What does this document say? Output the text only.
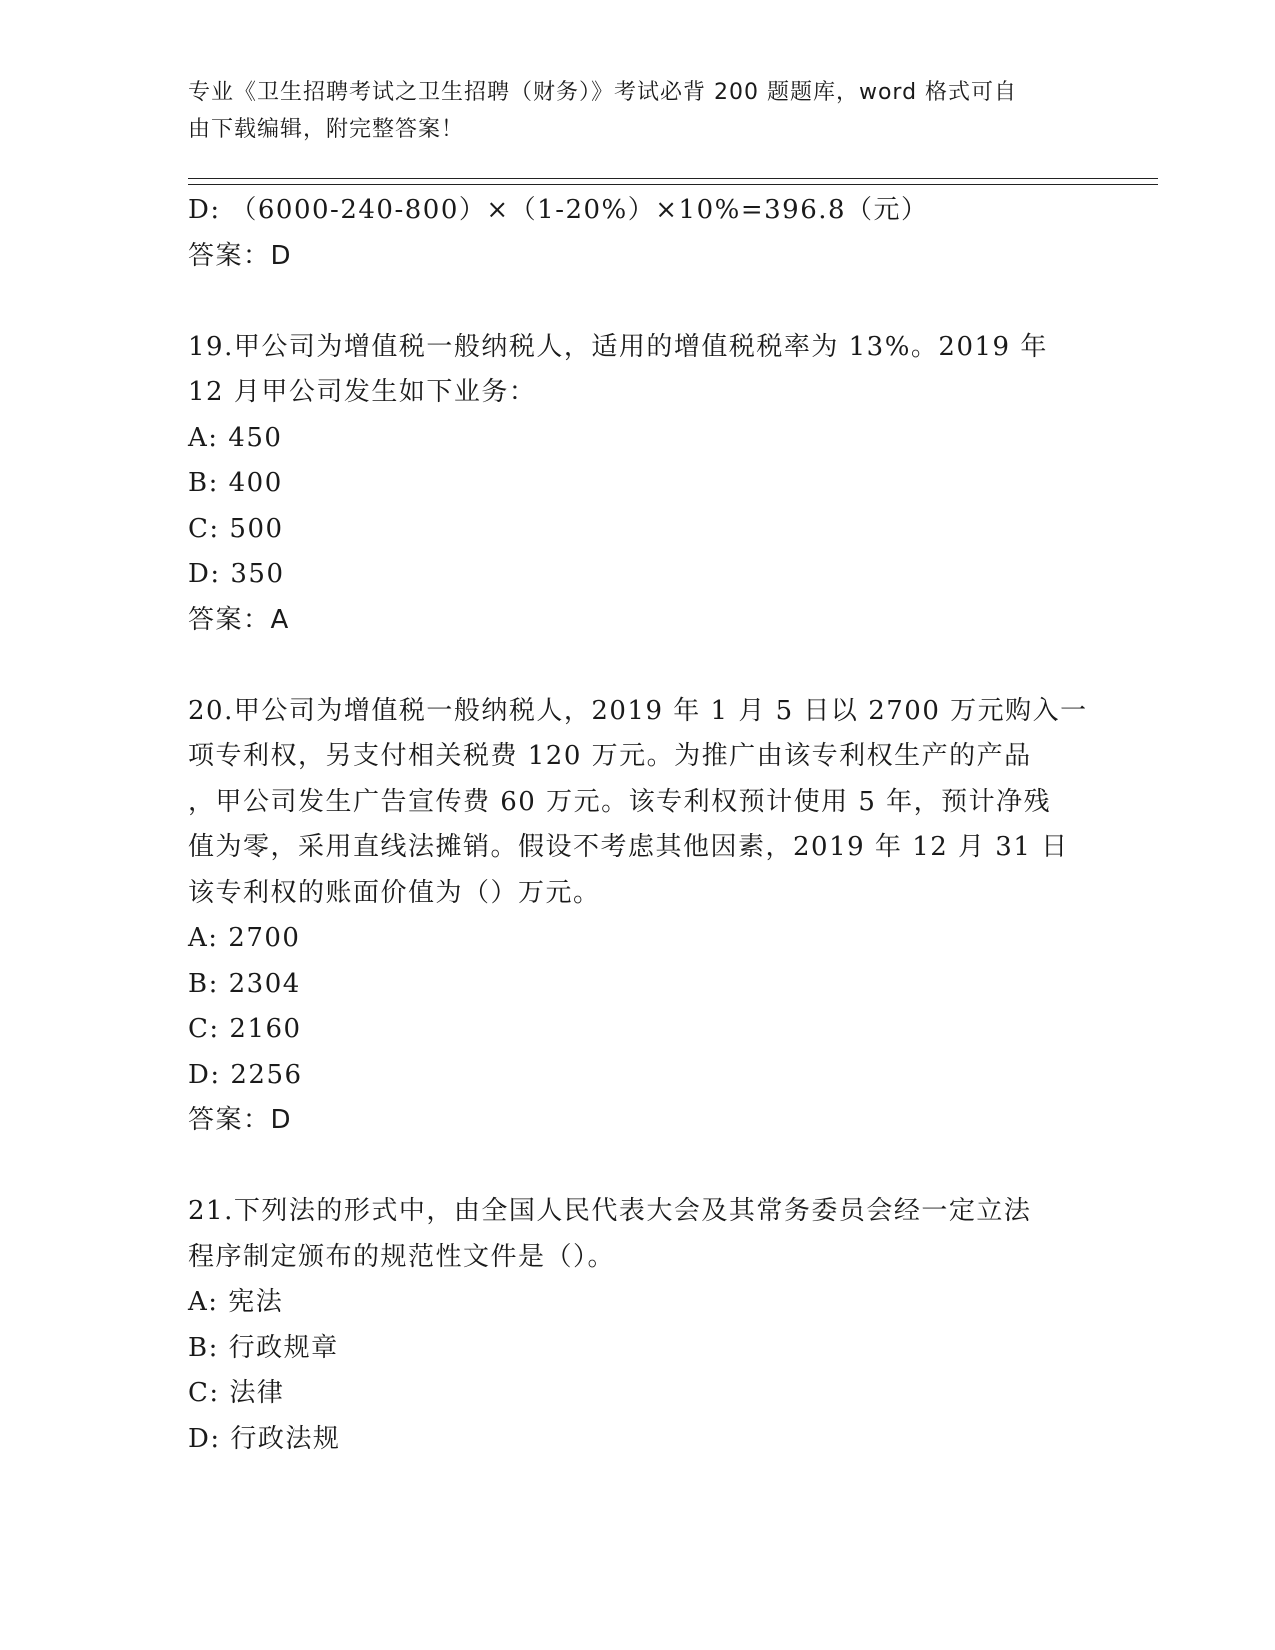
专业《卫生招聘考试之卫生招聘（财务）》考试必背 200 题题库，word 格式可自
由下载编辑，附完整答案！
D: （6000-240-800）×（1-20%）×10%=396.8（元）
答案：D
19.甲公司为增值税一般纳税人，适用的增值税税率为 13%。2019 年
12 月甲公司发生如下业务：
A: 450
B: 400
C: 500
D: 350
答案：A
20.甲公司为增值税一般纳税人，2019 年 1 月 5 日以 2700 万元购入一
项专利权，另支付相关税费 120 万元。为推广由该专利权生产的产品
，甲公司发生广告宣传费 60 万元。该专利权预计使用 5 年，预计净残
值为零，采用直线法摊销。假设不考虑其他因素，2019 年 12 月 31 日
该专利权的账面价值为（）万元。
A: 2700
B: 2304
C: 2160
D: 2256
答案：D
21.下列法的形式中，由全国人民代表大会及其常务委员会经一定立法
程序制定颁布的规范性文件是（）。
A: 宪法
B: 行政规章
C: 法律
D: 行政法规
